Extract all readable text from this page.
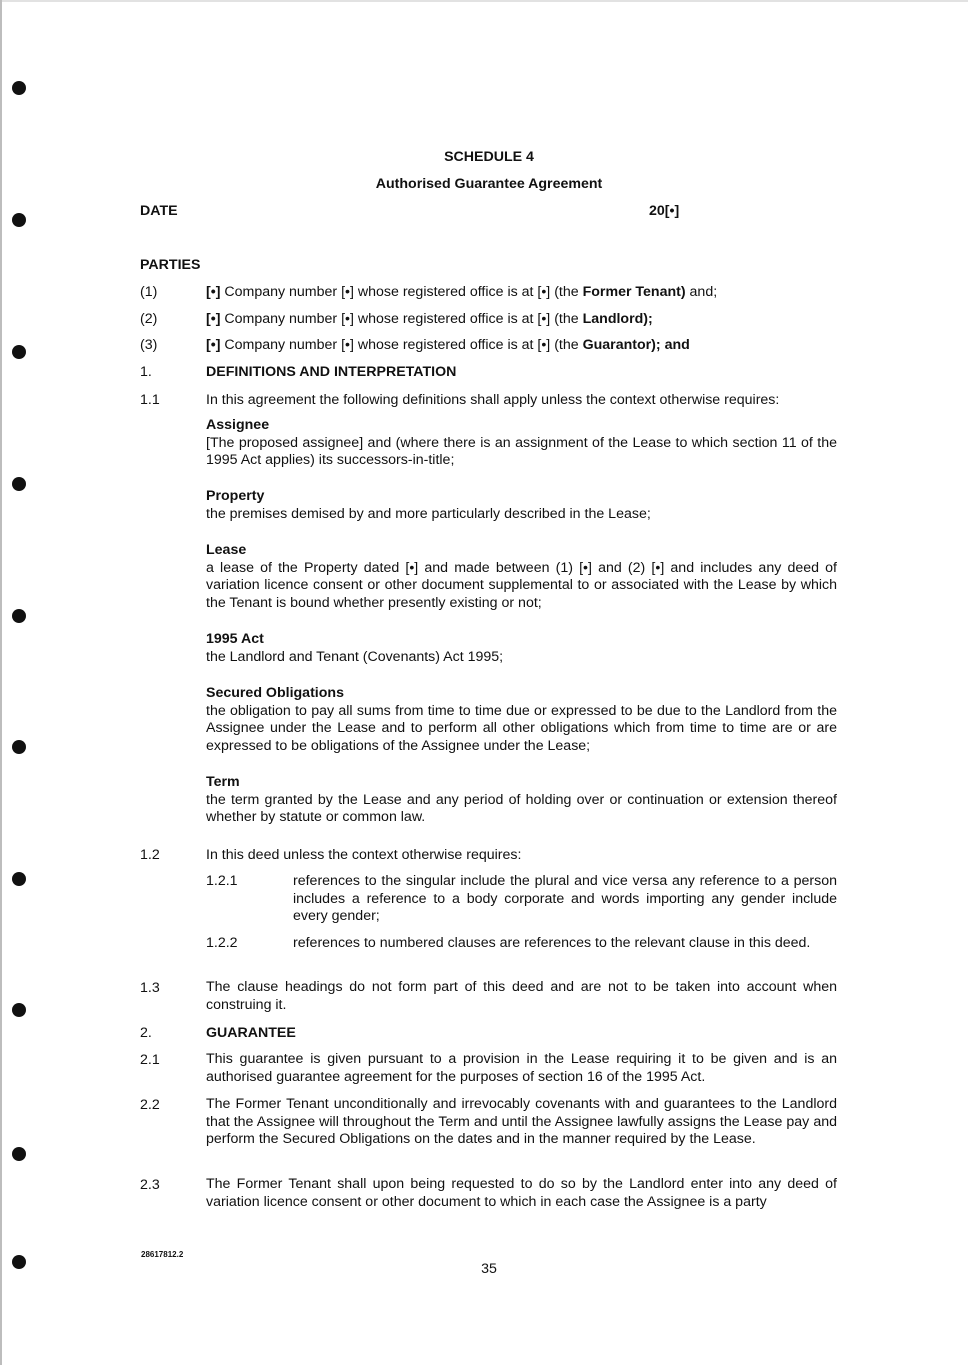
SCHEDULE 4
Authorised Guarantee Agreement
DATE	20[•]
PARTIES
(1)	[•] Company number [•] whose registered office is at [•] (the Former Tenant) and;
(2)	[•] Company number [•] whose registered office is at [•] (the Landlord);
(3)	[•] Company number [•] whose registered office is at [•] (the Guarantor); and
1.	DEFINITIONS AND INTERPRETATION
1.1	In this agreement the following definitions shall apply unless the context otherwise requires:
Assignee
[The proposed assignee] and (where there is an assignment of the Lease to which section 11 of the 1995 Act applies) its successors-in-title;
Property
the premises demised by and more particularly described in the Lease;
Lease
a lease of the Property dated [•] and made between (1) [•] and (2) [•] and includes any deed of variation licence consent or other document supplemental to or associated with the Lease by which the Tenant is bound whether presently existing or not;
1995 Act
the Landlord and Tenant (Covenants) Act 1995;
Secured Obligations
the obligation to pay all sums from time to time due or expressed to be due to the Landlord from the Assignee under the Lease and to perform all other obligations which from time to time are or are expressed to be obligations of the Assignee under the Lease;
Term
the term granted by the Lease and any period of holding over or continuation or extension thereof whether by statute or common law.
1.2	In this deed unless the context otherwise requires:
1.2.1	references to the singular include the plural and vice versa any reference to a person includes a reference to a body corporate and words importing any gender include every gender;
1.2.2	references to numbered clauses are references to the relevant clause in this deed.
1.3	The clause headings do not form part of this deed and are not to be taken into account when construing it.
2.	GUARANTEE
2.1	This guarantee is given pursuant to a provision in the Lease requiring it to be given and is an authorised guarantee agreement for the purposes of section 16 of the 1995 Act.
2.2	The Former Tenant unconditionally and irrevocably covenants with and guarantees to the Landlord that the Assignee will throughout the Term and until the Assignee lawfully assigns the Lease pay and perform the Secured Obligations on the dates and in the manner required by the Lease.
2.3	The Former Tenant shall upon being requested to do so by the Landlord enter into any deed of variation licence consent or other document to which in each case the Assignee is a party
28617812.2
35
